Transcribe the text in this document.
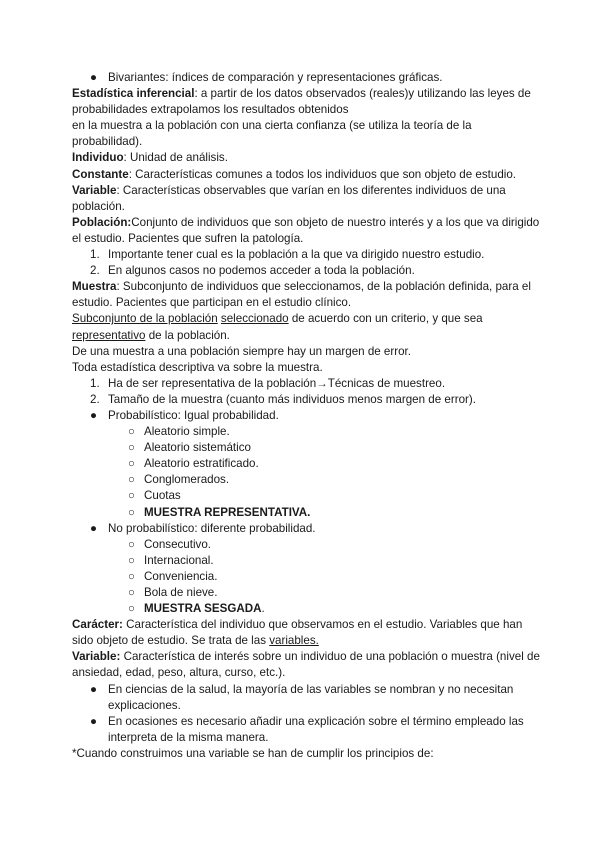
● Bivariantes: índices de comparación y representaciones gráficas.

Estadística inferencial: a partir de los datos observados (reales)y utilizando las leyes de probabilidades extrapolamos los resultados obtenidos
en la muestra a la población con una cierta confianza (se utiliza la teoría de la probabilidad).

Individuo: Unidad de análisis.

Constante: Características comunes a todos los individuos que son objeto de estudio.

Variable: Características observables que varían en los diferentes individuos de una población.

Población:Conjunto de individuos que son objeto de nuestro interés y a los que va dirigido el estudio. Pacientes que sufren la patología.

1. Importante tener cual es la población a la que va dirigido nuestro estudio.

2. En algunos casos no podemos acceder a toda la población.

Muestra: Subconjunto de individuos que seleccionamos, de la población definida, para el estudio. Pacientes que participan en el estudio clínico.

Subconjunto de la población seleccionado de acuerdo con un criterio, y que sea representativo de la población.

De una muestra a una población siempre hay un margen de error.

Toda estadística descriptiva va sobre la muestra.

1. Ha de ser representativa de la población→Técnicas de muestreo.

2. Tamaño de la muestra (cuanto más individuos menos margen de error).

● Probabilístico: Igual probabilidad.

○ Aleatorio simple.

○ Aleatorio sistemático

○ Aleatorio estratificado.

○ Conglomerados.

○ Cuotas

○ MUESTRA REPRESENTATIVA.

● No probabilístico: diferente probabilidad.

○ Consecutivo.

○ Internacional.

○ Conveniencia.

○ Bola de nieve.

○ MUESTRA SESGADA.

Carácter: Característica del individuo que observamos en el estudio. Variables que han sido objeto de estudio. Se trata de las variables.

Variable: Característica de interés sobre un individuo de una población o muestra (nivel de ansiedad, edad, peso, altura, curso, etc.).

● En ciencias de la salud, la mayoría de las variables se nombran y no necesitan explicaciones.

● En ocasiones es necesario añadir una explicación sobre el término empleado las interpreta de la misma manera.

*Cuando construimos una variable se han de cumplir los principios de:
